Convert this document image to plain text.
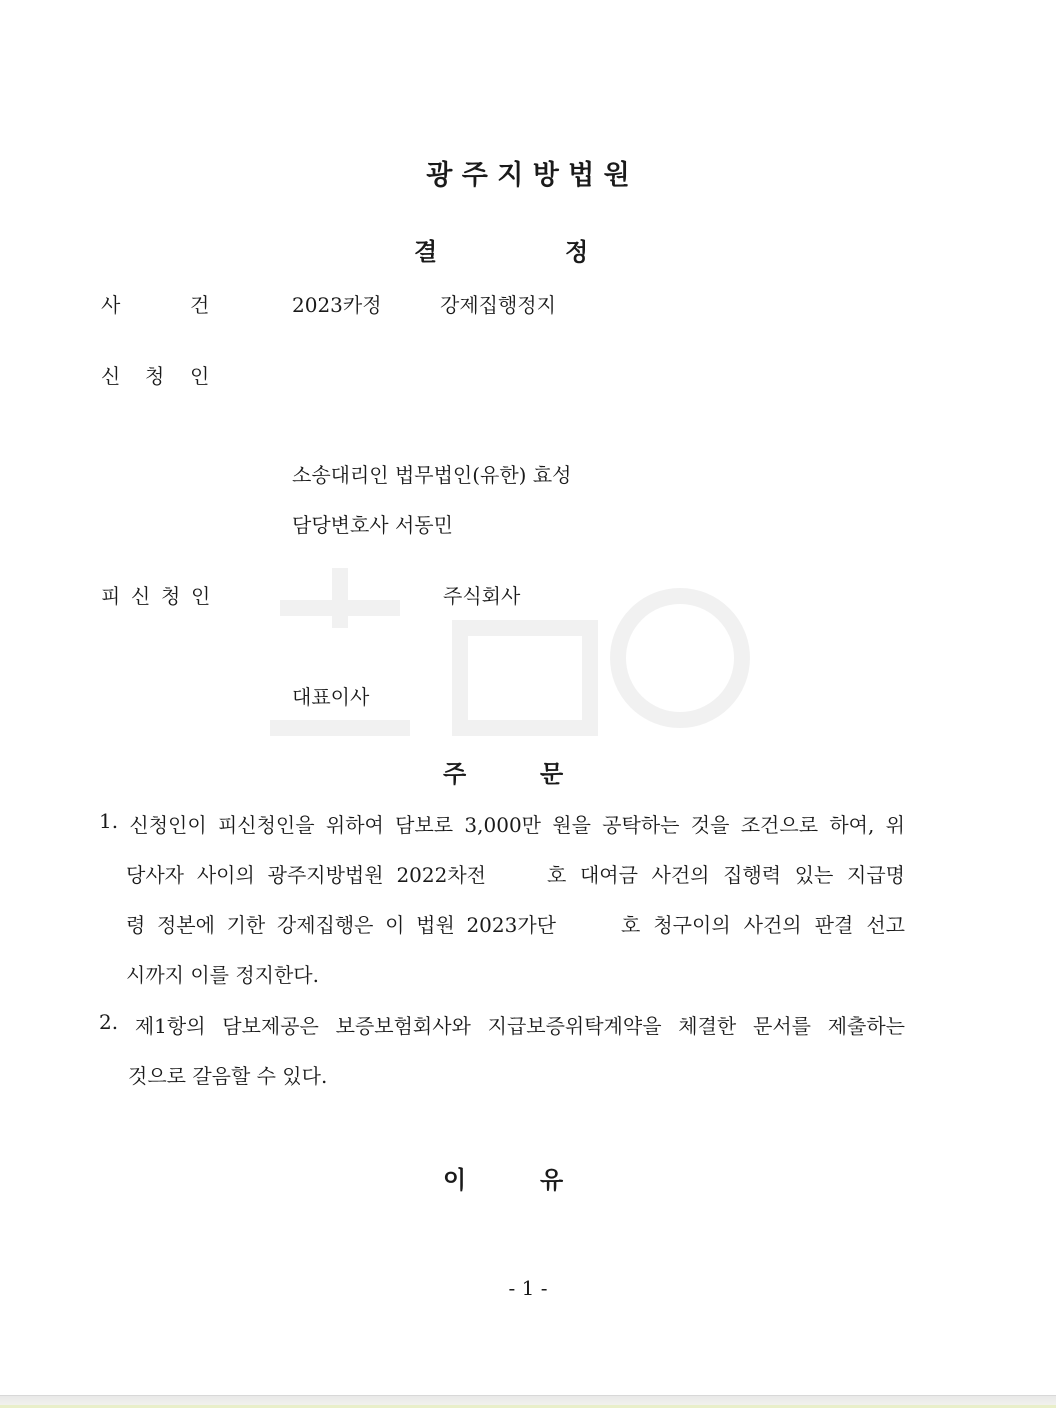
광 주 지 방 법 원
결	정
사	건	2023카정	강제집행정지
신 청 인
소송대리인 법무법인(유한) 효성
담당변호사 서동민
피 신 청 인	주식회사
대표이사
주	문
1. 신청인이 피신청인을 위하여 담보로 3,000만 원을 공탁하는 것을 조건으로 하여, 위
당사자 사이의 광주지방법원 2022차전	호 대여금 사건의 집행력 있는 지급명
령 정본에 기한 강제집행은 이 법원 2023가단	호 청구이의 사건의 판결 선고
시까지 이를 정지한다.
2. 제1항의 담보제공은 보증보험회사와 지급보증위탁계약을 체결한 문서를 제출하는
것으로 갈음할 수 있다.
이	유
- 1 -
